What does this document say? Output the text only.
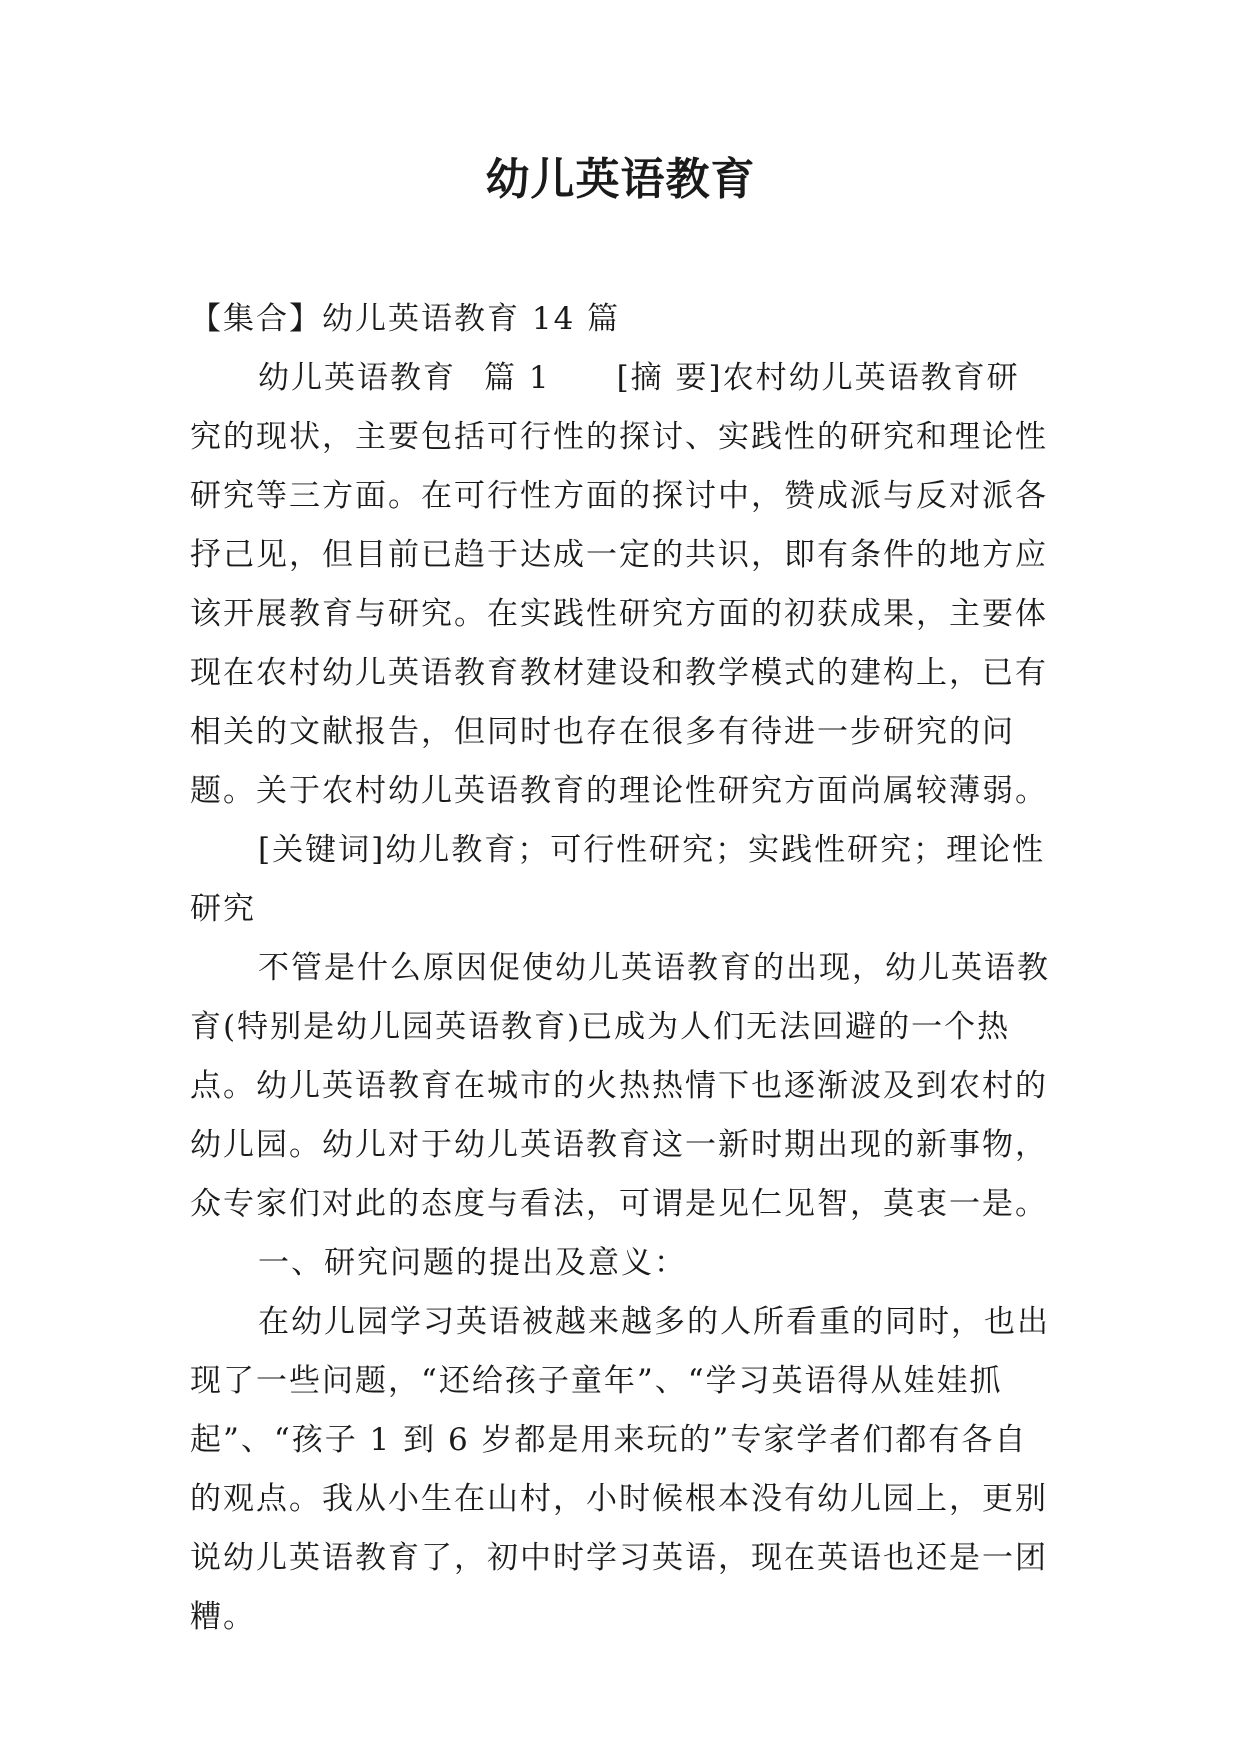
幼儿英语教育

【集合】幼儿英语教育 14 篇

幼儿英语教育 篇 1 [摘 要]农村幼儿英语教育研究的现状，主要包括可行性的探讨、实践性的研究和理论性研究等三方面。在可行性方面的探讨中，赞成派与反对派各抒己见，但目前已趋于达成一定的共识，即有条件的地方应该开展教育与研究。在实践性研究方面的初获成果，主要体现在农村幼儿英语教育教材建设和教学模式的建构上，已有相关的文献报告，但同时也存在很多有待进一步研究的问题。关于农村幼儿英语教育的理论性研究方面尚属较薄弱。

[关键词]幼儿教育；可行性研究；实践性研究；理论性研究

不管是什么原因促使幼儿英语教育的出现，幼儿英语教育(特别是幼儿园英语教育)已成为人们无法回避的一个热点。幼儿英语教育在城市的火热热情下也逐渐波及到农村的幼儿园。幼儿对于幼儿英语教育这一新时期出现的新事物，众专家们对此的态度与看法，可谓是见仁见智，莫衷一是。

一、研究问题的提出及意义：

在幼儿园学习英语被越来越多的人所看重的同时，也出现了一些问题，“还给孩子童年”、“学习英语得从娃娃抓起”、“孩子 1 到 6 岁都是用来玩的”专家学者们都有各自的观点。我从小生在山村，小时候根本没有幼儿园上，更别说幼儿英语教育了，初中时学习英语，现在英语也还是一团糟。
